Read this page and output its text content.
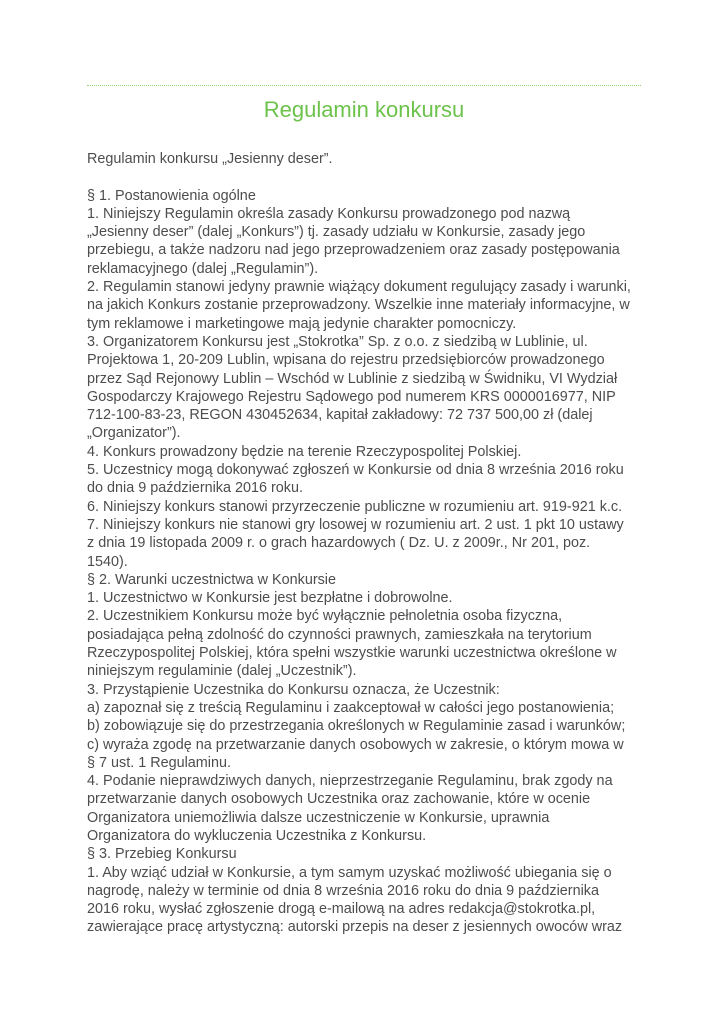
Regulamin konkursu
Regulamin konkursu „Jesienny deser”.
§ 1. Postanowienia ogólne
1. Niniejszy Regulamin określa zasady Konkursu prowadzonego pod nazwą
„Jesienny deser” (dalej „Konkurs”) tj. zasady udziału w Konkursie, zasady jego
przebiegu, a także nadzoru nad jego przeprowadzeniem oraz zasady postępowania
reklamacyjnego (dalej „Regulamin”).
2. Regulamin stanowi jedyny prawnie wiążący dokument regulujący zasady i warunki,
na jakich Konkurs zostanie przeprowadzony. Wszelkie inne materiały informacyjne, w
tym reklamowe i marketingowe mają jedynie charakter pomocniczy.
3. Organizatorem Konkursu jest „Stokrotka” Sp. z o.o. z siedzibą w Lublinie, ul.
Projektowa 1, 20-209 Lublin, wpisana do rejestru przedsiębiorców prowadzonego
przez Sąd Rejonowy Lublin – Wschód w Lublinie z siedzibą w Świdniku, VI Wydział
Gospodarczy Krajowego Rejestru Sądowego pod numerem KRS 0000016977, NIP
712-100-83-23, REGON 430452634, kapitał zakładowy: 72 737 500,00 zł (dalej
„Organizator”).
4. Konkurs prowadzony będzie na terenie Rzeczypospolitej Polskiej.
5. Uczestnicy mogą dokonywać zgłoszeń w Konkursie od dnia 8 września 2016 roku
do dnia 9 października 2016 roku.
6. Niniejszy konkurs stanowi przyrzeczenie publiczne w rozumieniu art. 919-921 k.c.
7. Niniejszy konkurs nie stanowi gry losowej w rozumieniu art. 2 ust. 1 pkt 10 ustawy
z dnia 19 listopada 2009 r. o grach hazardowych ( Dz. U. z 2009r., Nr 201, poz.
1540).
§ 2. Warunki uczestnictwa w Konkursie
1. Uczestnictwo w Konkursie jest bezpłatne i dobrowolne.
2. Uczestnikiem Konkursu może być wyłącznie pełnoletnia osoba fizyczna,
posiadająca pełną zdolność do czynności prawnych, zamieszkała na terytorium
Rzeczypospolitej Polskiej, która spełni wszystkie warunki uczestnictwa określone w
niniejszym regulaminie (dalej „Uczestnik”).
3. Przystąpienie Uczestnika do Konkursu oznacza, że Uczestnik:
a) zapoznał się z treścią Regulaminu i zaakceptował w całości jego postanowienia;
b) zobowiązuje się do przestrzegania określonych w Regulaminie zasad i warunków;
c) wyraża zgodę na przetwarzanie danych osobowych w zakresie, o którym mowa w
§ 7 ust. 1 Regulaminu.
4. Podanie nieprawdziwych danych, nieprzestrzeganie Regulaminu, brak zgody na
przetwarzanie danych osobowych Uczestnika oraz zachowanie, które w ocenie
Organizatora uniemożliwia dalsze uczestniczenie w Konkursie, uprawnia
Organizatora do wykluczenia Uczestnika z Konkursu.
§ 3. Przebieg Konkursu
1. Aby wziąć udział w Konkursie, a tym samym uzyskać możliwość ubiegania się o
nagrodę, należy w terminie od dnia 8 września 2016 roku do dnia 9 października
2016 roku, wysłać zgłoszenie drogą e-mailową na adres redakcja@stokrotka.pl,
zawierające pracę artystyczną: autorski przepis na deser z jesiennych owoców wraz
